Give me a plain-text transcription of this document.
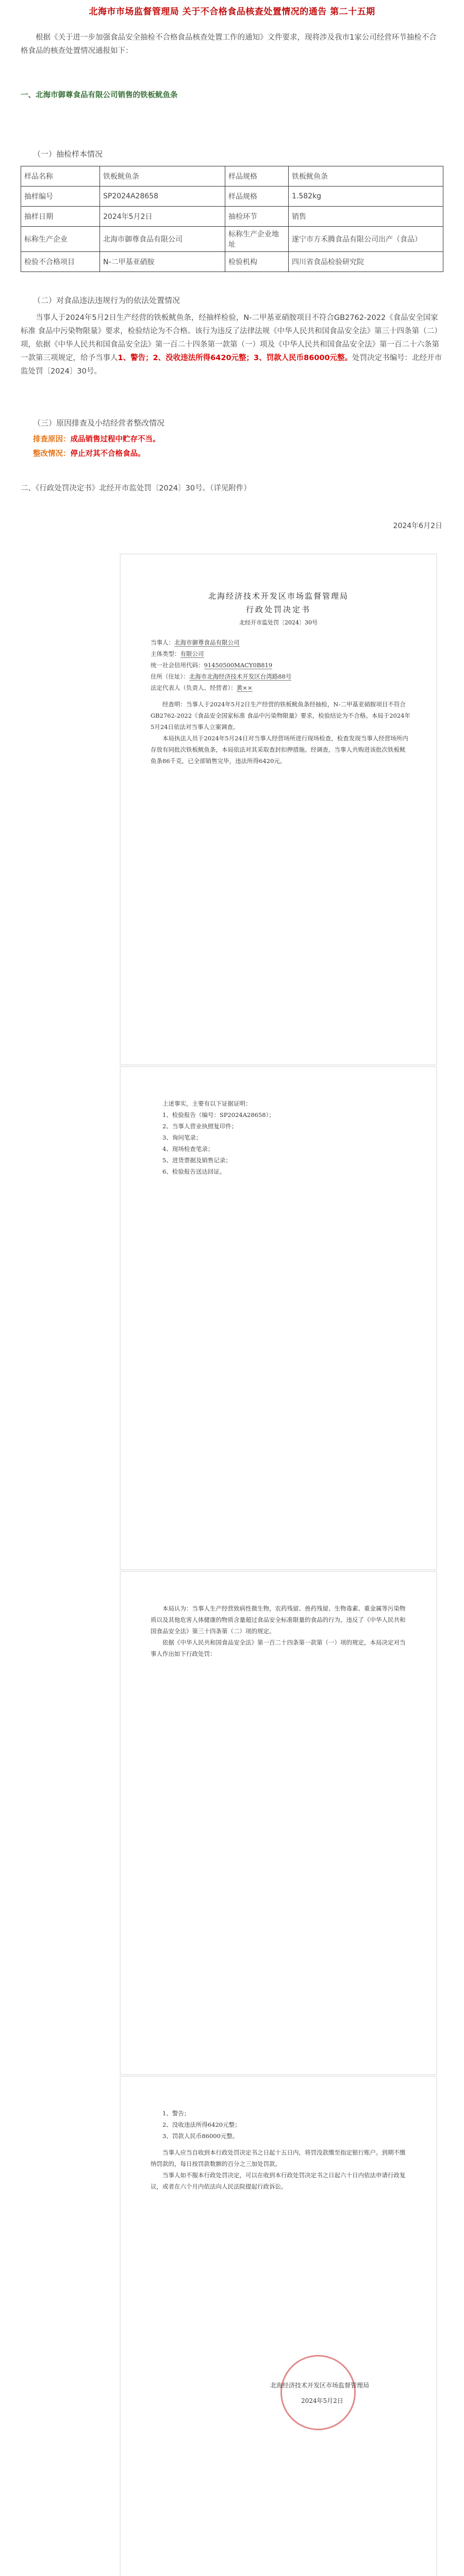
北海市市场监督管理局 关于不合格食品核查处置情况的通告 第二十五期
根据《关于进一步加强食品安全抽检不合格食品核查处置工作的通知》文件要求，现将涉及我市1家公司经营环节抽检不合格食品的核查处置情况通报如下：
一、北海市御尊食品有限公司销售的铁板鱿鱼条
（一）抽检样本情况
样品名称	铁板鱿鱼条	样品规格	铁板鱿鱼条
抽样编号	SP2024A28658	样品规格	1.582kg
抽样日期	2024年5月2日	抽检环节	销售
标称生产企业	北海市御尊食品有限公司	标称生产企业地址	遂宁市方禾腾食品有限公司出产（食品）
检验不合格项目	N-二甲基亚硝胺	检验机构	四川省食品检验研究院
（二）对食品违法违规行为的依法处置情况
当事人于2024年5月2日生产经营的铁板鱿鱼条，经抽样检验，N-二甲基亚硝胺项目不符合GB2762-2022《食品安全国家标准 食品中污染物限量》要求，检验结论为不合格。该行为违反了法律法规《中华人民共和国食品安全法》第三十四条第（二）项，依据《中华人民共和国食品安全法》第一百二十四条第一款第（一）项及《中华人民共和国食品安全法》第一百二十六条第一款第三项规定，给予当事人1、警告；2、没收违法所得6420元整；3、罚款人民币86000元整。处罚决定书编号：北经开市监处罚〔2024〕30号。
（三）原因排查及小结经营者整改情况
排查原因：成品销售过程中贮存不当。
整改情况：停止对其不合格食品。
二、《行政处罚决定书》北经开市监处罚〔2024〕30号。（详见附件）
2024年6月2日
北海经济技术开发区市场监督管理局
行政处罚决定书
北经开市监处罚〔2024〕30号

当事人：北海市御尊食品有限公司

主体类型：有限公司

统一社会信用代码：91450500MACY0B819

住所（住址）：北海市北海经济技术开发区台湾路88号

法定代表人（负责人、经营者）：黄××

经查明：当事人于2024年5月2日生产经营的铁板鱿鱼条经抽检，N-二甲基亚硝胺项目不符合GB2762-2022《食品安全国家标准 食品中污染物限量》要求，检验结论为不合格。本局于2024年5月24日依法对当事人立案调查。

本局执法人员于2024年5月24日对当事人经营场所进行现场检查，检查发现当事人经营场所内存放有同批次铁板鱿鱼条，本局依法对其采取查封扣押措施。经调查，当事人共购进该批次铁板鱿鱼条86千克，已全部销售完毕，违法所得6420元。

上述事实，主要有以下证据证明：

1、检验报告（编号：SP2024A28658）；

2、当事人营业执照复印件；

3、询问笔录；

4、现场检查笔录；

5、进货票据及销售记录；

6、检验报告送达回证。

本局认为：当事人生产经营致病性微生物，农药残留、兽药残留、生物毒素、重金属等污染物质以及其他危害人体健康的物质含量超过食品安全标准限量的食品的行为，违反了《中华人民共和国食品安全法》第三十四条第（二）项的规定。

依据《中华人民共和国食品安全法》第一百二十四条第一款第（一）项的规定，本局决定对当事人作出如下行政处罚：

1、警告；

2、没收违法所得6420元整；

3、罚款人民币86000元整。

当事人应当自收到本行政处罚决定书之日起十五日内，将罚没款缴至指定银行账户。到期不缴纳罚款的，每日按罚款数额的百分之三加处罚款。

当事人如不服本行政处罚决定，可以在收到本行政处罚决定书之日起六十日内依法申请行政复议，或者在六个月内依法向人民法院提起行政诉讼。

北海经济技术开发区市场监督管理局
2024年5月2日
